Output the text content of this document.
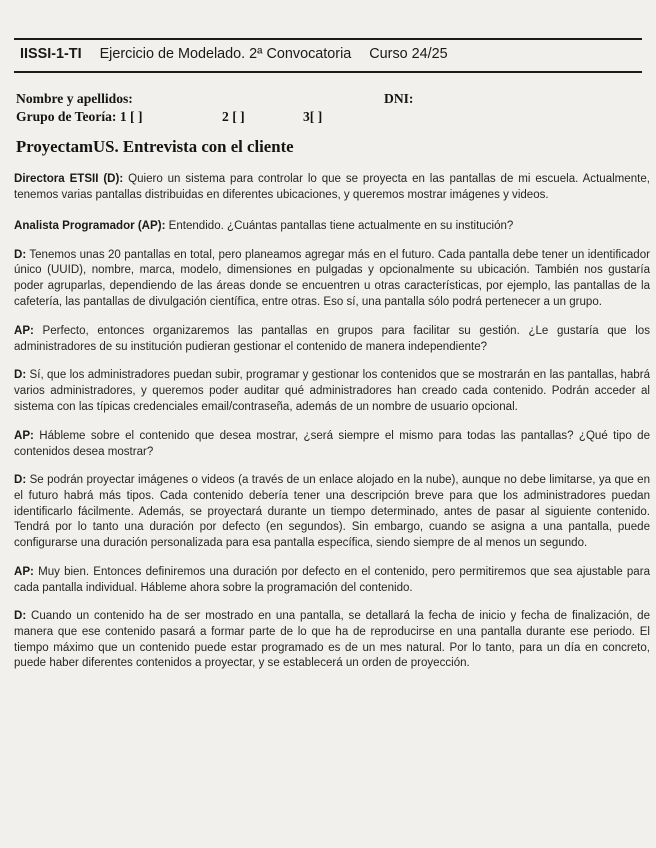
IISSI-1-TI Ejercicio de Modelado. 2ª Convocatoria Curso 24/25
Nombre y apellidos:	DNI:
Grupo de Teoría: 1 [ ]	2 [ ]	3[ ]
ProyectamUS. Entrevista con el cliente

Directora ETSII (D): Quiero un sistema para controlar lo que se proyecta en las pantallas de mi escuela. Actualmente, tenemos varias pantallas distribuidas en diferentes ubicaciones, y queremos mostrar imágenes y videos.

Analista Programador (AP): Entendido. ¿Cuántas pantallas tiene actualmente en su institución?

D: Tenemos unas 20 pantallas en total, pero planeamos agregar más en el futuro. Cada pantalla debe tener un identificador único (UUID), nombre, marca, modelo, dimensiones en pulgadas y opcionalmente su ubicación. También nos gustaría poder agruparlas, dependiendo de las áreas donde se encuentren u otras características, por ejemplo, las pantallas de la cafetería, las pantallas de divulgación científica, entre otras. Eso sí, una pantalla sólo podrá pertenecer a un grupo.

AP: Perfecto, entonces organizaremos las pantallas en grupos para facilitar su gestión. ¿Le gustaría que los administradores de su institución pudieran gestionar el contenido de manera independiente?

D: Sí, que los administradores puedan subir, programar y gestionar los contenidos que se mostrarán en las pantallas, habrá varios administradores, y queremos poder auditar qué administradores han creado cada contenido. Podrán acceder al sistema con las típicas credenciales email/contraseña, además de un nombre de usuario opcional.

AP: Hábleme sobre el contenido que desea mostrar, ¿será siempre el mismo para todas las pantallas? ¿Qué tipo de contenidos desea mostrar?

D: Se podrán proyectar imágenes o videos (a través de un enlace alojado en la nube), aunque no debe limitarse, ya que en el futuro habrá más tipos. Cada contenido debería tener una descripción breve para que los administradores puedan identificarlo fácilmente. Además, se proyectará durante un tiempo determinado, antes de pasar al siguiente contenido. Tendrá por lo tanto una duración por defecto (en segundos). Sin embargo, cuando se asigna a una pantalla, puede configurarse una duración personalizada para esa pantalla específica, siendo siempre de al menos un segundo.

AP: Muy bien. Entonces definiremos una duración por defecto en el contenido, pero permitiremos que sea ajustable para cada pantalla individual. Hábleme ahora sobre la programación del contenido.

D: Cuando un contenido ha de ser mostrado en una pantalla, se detallará la fecha de inicio y fecha de finalización, de manera que ese contenido pasará a formar parte de lo que ha de reproducirse en una pantalla durante ese periodo. El tiempo máximo que un contenido puede estar programado es de un mes natural. Por lo tanto, para un día en concreto, puede haber diferentes contenidos a proyectar, y se establecerá un orden de proyección.
